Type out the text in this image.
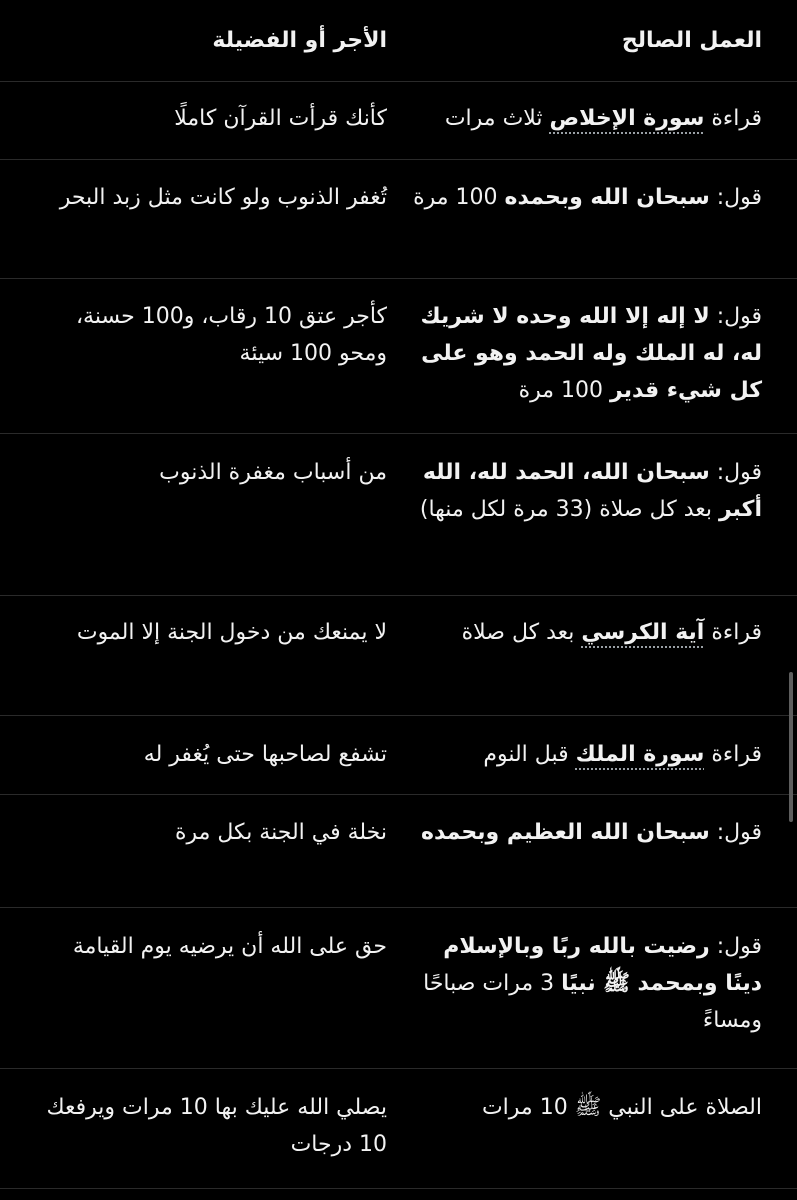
العمل الصالح
الأجر أو الفضيلة
قراءة سورة الإخلاص ثلاث مرات
كأنك قرأت القرآن كاملًا
قول: سبحان الله وبحمده 100 مرة
تُغفر الذنوب ولو كانت مثل زبد البحر
قول: لا إله إلا الله وحده لا شريك له، له الملك وله الحمد وهو على كل شيء قدير 100 مرة
كأجر عتق 10 رقاب، و100 حسنة، ومحو 100 سيئة
قول: سبحان الله، الحمد لله، الله أكبر بعد كل صلاة (33 مرة لكل منها)
من أسباب مغفرة الذنوب
قراءة آية الكرسي بعد كل صلاة
لا يمنعك من دخول الجنة إلا الموت
قراءة سورة الملك قبل النوم
تشفع لصاحبها حتى يُغفر له
قول: سبحان الله العظيم وبحمده
نخلة في الجنة بكل مرة
قول: رضيت بالله ربًا وبالإسلام دينًا وبمحمد ﷺ نبيًا 3 مرات صباحًا ومساءً
حق على الله أن يرضيه يوم القيامة
الصلاة على النبي ﷺ 10 مرات
يصلي الله عليك بها 10 مرات ويرفعك 10 درجات
